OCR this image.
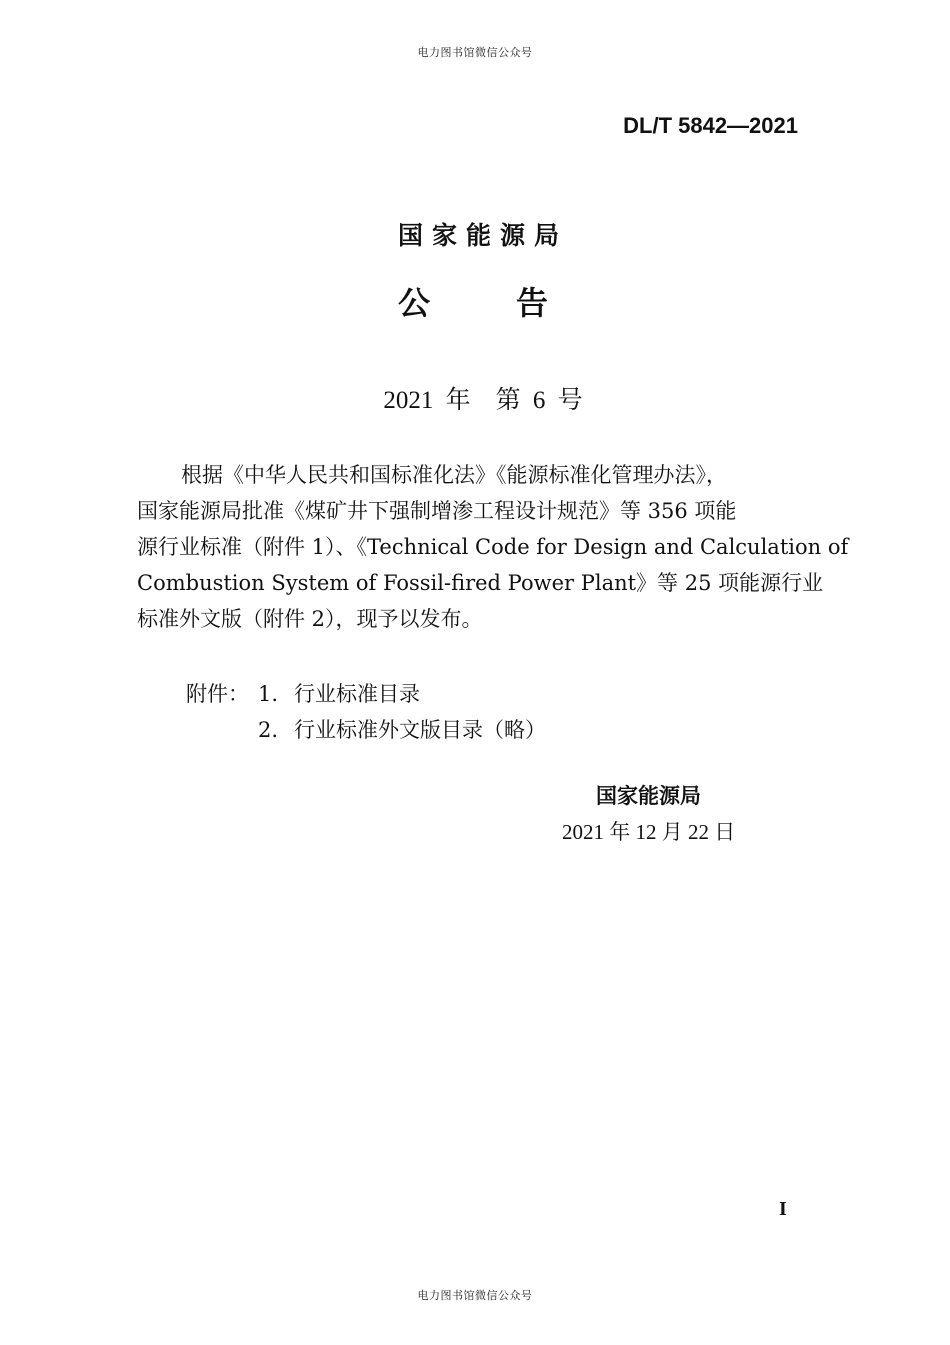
电力图书馆微信公众号
DL/T 5842—2021
国家能源局
公	告
2021 年　第 6 号
根据《中华人民共和国标准化法》《能源标准化管理办法》，
国家能源局批准《煤矿井下强制增渗工程设计规范》等 356 项能
源行业标准（附件 1）、《Technical Code for Design and Calculation of
Combustion System of Fossil-fired Power Plant》等 25 项能源行业
标准外文版（附件 2），现予以发布。
附件： 1. 行业标准目录
2. 行业标准外文版目录（略）
国家能源局
2021 年 12 月 22 日
I
电力图书馆微信公众号
